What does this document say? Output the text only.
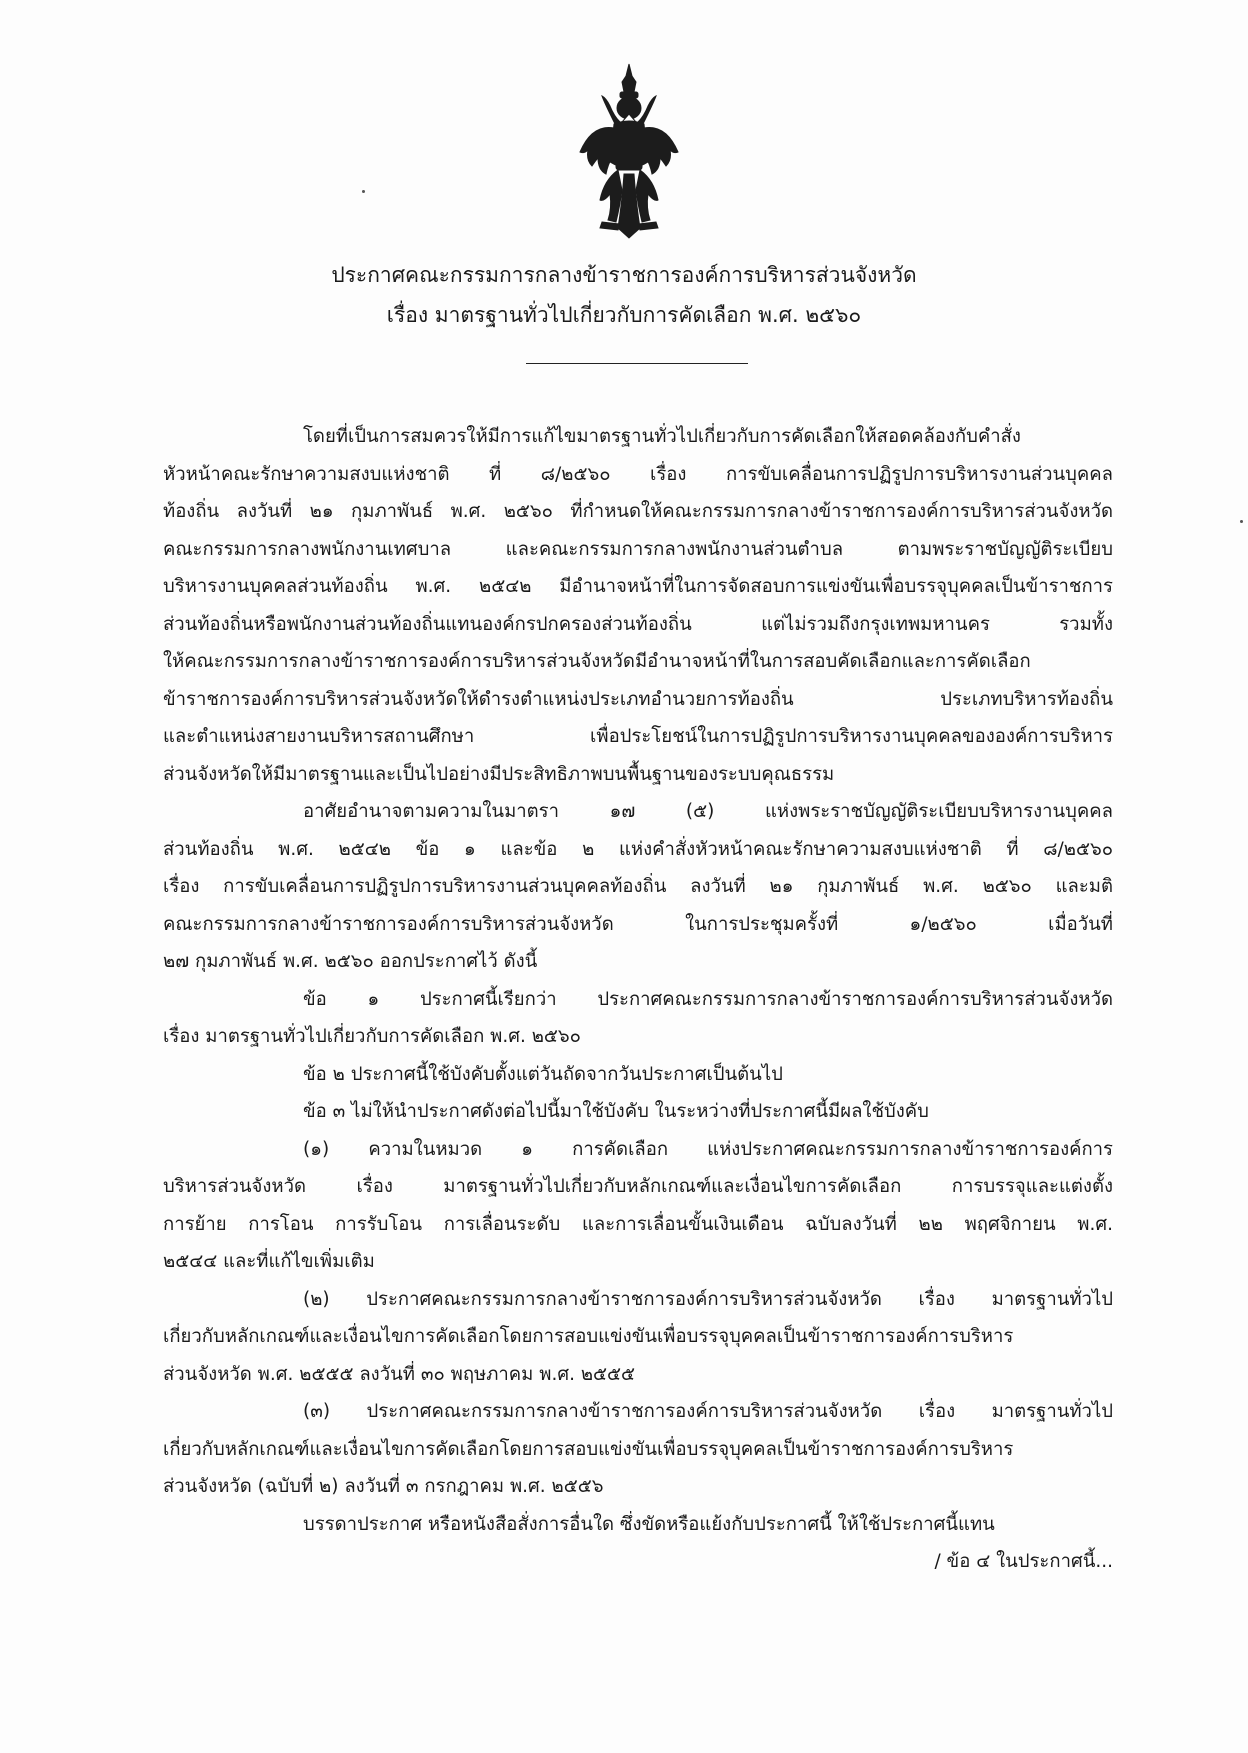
ประกาศคณะกรรมการกลางข้าราชการองค์การบริหารส่วนจังหวัด
เรื่อง มาตรฐานทั่วไปเกี่ยวกับการคัดเลือก พ.ศ. ๒๕๖๐
โดยที่เป็นการสมควรให้มีการแก้ไขมาตรฐานทั่วไปเกี่ยวกับการคัดเลือกให้สอดคล้องกับคำสั่ง
หัวหน้าคณะรักษาความสงบแห่งชาติ ที่ ๘/๒๕๖๐ เรื่อง การขับเคลื่อนการปฏิรูปการบริหารงานส่วนบุคคล
ท้องถิ่น ลงวันที่ ๒๑ กุมภาพันธ์ พ.ศ. ๒๕๖๐ ที่กำหนดให้คณะกรรมการกลางข้าราชการองค์การบริหารส่วนจังหวัด
คณะกรรมการกลางพนักงานเทศบาล และคณะกรรมการกลางพนักงานส่วนตำบล ตามพระราชบัญญัติระเบียบ
บริหารงานบุคคลส่วนท้องถิ่น พ.ศ. ๒๕๔๒ มีอำนาจหน้าที่ในการจัดสอบการแข่งขันเพื่อบรรจุบุคคลเป็นข้าราชการ
ส่วนท้องถิ่นหรือพนักงานส่วนท้องถิ่นแทนองค์กรปกครองส่วนท้องถิ่น แต่ไม่รวมถึงกรุงเทพมหานคร รวมทั้ง
ให้คณะกรรมการกลางข้าราชการองค์การบริหารส่วนจังหวัดมีอำนาจหน้าที่ในการสอบคัดเลือกและการคัดเลือก
ข้าราชการองค์การบริหารส่วนจังหวัดให้ดำรงตำแหน่งประเภทอำนวยการท้องถิ่น ประเภทบริหารท้องถิ่น
และตำแหน่งสายงานบริหารสถานศึกษา เพื่อประโยชน์ในการปฏิรูปการบริหารงานบุคคลขององค์การบริหาร
ส่วนจังหวัดให้มีมาตรฐานและเป็นไปอย่างมีประสิทธิภาพบนพื้นฐานของระบบคุณธรรม
อาศัยอำนาจตามความในมาตรา ๑๗ (๕) แห่งพระราชบัญญัติระเบียบบริหารงานบุคคล
ส่วนท้องถิ่น พ.ศ. ๒๕๔๒ ข้อ ๑ และข้อ ๒ แห่งคำสั่งหัวหน้าคณะรักษาความสงบแห่งชาติ ที่ ๘/๒๕๖๐
เรื่อง การขับเคลื่อนการปฏิรูปการบริหารงานส่วนบุคคลท้องถิ่น ลงวันที่ ๒๑ กุมภาพันธ์ พ.ศ. ๒๕๖๐ และมติ
คณะกรรมการกลางข้าราชการองค์การบริหารส่วนจังหวัด ในการประชุมครั้งที่ ๑/๒๕๖๐ เมื่อวันที่
๒๗ กุมภาพันธ์ พ.ศ. ๒๕๖๐ ออกประกาศไว้ ดังนี้
ข้อ ๑ ประกาศนี้เรียกว่า ประกาศคณะกรรมการกลางข้าราชการองค์การบริหารส่วนจังหวัด
เรื่อง มาตรฐานทั่วไปเกี่ยวกับการคัดเลือก พ.ศ. ๒๕๖๐
ข้อ ๒ ประกาศนี้ใช้บังคับตั้งแต่วันถัดจากวันประกาศเป็นต้นไป
ข้อ ๓ ไม่ให้นำประกาศดังต่อไปนี้มาใช้บังคับ ในระหว่างที่ประกาศนี้มีผลใช้บังคับ
(๑) ความในหมวด ๑ การคัดเลือก แห่งประกาศคณะกรรมการกลางข้าราชการองค์การ
บริหารส่วนจังหวัด เรื่อง มาตรฐานทั่วไปเกี่ยวกับหลักเกณฑ์และเงื่อนไขการคัดเลือก การบรรจุและแต่งตั้ง
การย้าย การโอน การรับโอน การเลื่อนระดับ และการเลื่อนขั้นเงินเดือน ฉบับลงวันที่ ๒๒ พฤศจิกายน พ.ศ.
๒๕๔๔ และที่แก้ไขเพิ่มเติม
(๒) ประกาศคณะกรรมการกลางข้าราชการองค์การบริหารส่วนจังหวัด เรื่อง มาตรฐานทั่วไป
เกี่ยวกับหลักเกณฑ์และเงื่อนไขการคัดเลือกโดยการสอบแข่งขันเพื่อบรรจุบุคคลเป็นข้าราชการองค์การบริหาร
ส่วนจังหวัด พ.ศ. ๒๕๕๕ ลงวันที่ ๓๐ พฤษภาคม พ.ศ. ๒๕๕๕
(๓) ประกาศคณะกรรมการกลางข้าราชการองค์การบริหารส่วนจังหวัด เรื่อง มาตรฐานทั่วไป
เกี่ยวกับหลักเกณฑ์และเงื่อนไขการคัดเลือกโดยการสอบแข่งขันเพื่อบรรจุบุคคลเป็นข้าราชการองค์การบริหาร
ส่วนจังหวัด (ฉบับที่ ๒) ลงวันที่ ๓ กรกฎาคม พ.ศ. ๒๕๕๖
บรรดาประกาศ หรือหนังสือสั่งการอื่นใด ซึ่งขัดหรือแย้งกับประกาศนี้ ให้ใช้ประกาศนี้แทน
/ ข้อ ๔ ในประกาศนี้...
